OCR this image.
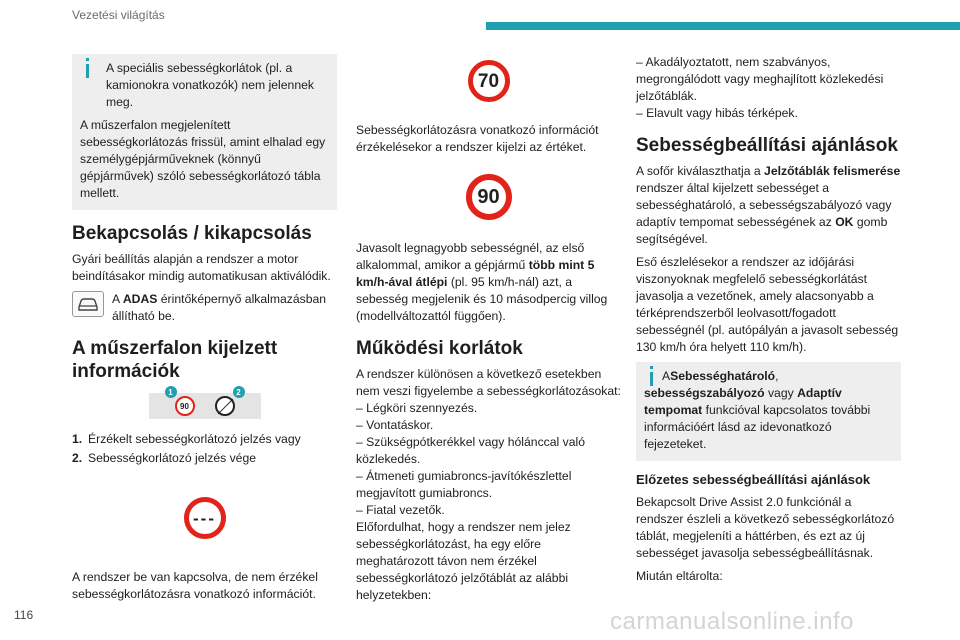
Vezetési világítás

A speciális sebességkorlátok (pl. a kamionokra vonatkozók) nem jelennek meg.

A műszerfalon megjelenített sebességkorlátozás frissül, amint elhalad egy személygépjárműveknek (könnyű gépjárművek) szóló sebességkorlátozó tábla mellett.

Bekapcsolás / kikapcsolás

Gyári beállítás alapján a rendszer a motor beindításakor mindig automatikusan aktiválódik.

A ADAS érintőképernyő alkalmazásban állítható be.
A műszerfalon kijelzett információk
90
1	2
1. Érzékelt sebességkorlátozó jelzés vagy
2. Sebességkorlátozó jelzés vége
---

A rendszer be van kapcsolva, de nem érzékel sebességkorlátozásra vonatkozó információt.

70

Sebességkorlátozásra vonatkozó információt érzékelésekor a rendszer kijelzi az értéket.

90

Javasolt legnagyobb sebességnél, az első alkalommal, amikor a gépjármű több mint 5 km/h-ával átlépi (pl. 95 km/h-nál) azt, a sebesség megjelenik és 10 másodpercig villog (modellváltozattól függően).

Működési korlátok

A rendszer különösen a következő esetekben nem veszi figyelembe a sebességkorlátozásokat:

– Légköri szennyezés.
– Vontatáskor.
– Szükségpótkerékkel vagy hólánccal való közlekedés.
– Átmeneti gumiabroncs-javítókészlettel megjavított gumiabroncs.
– Fiatal vezetők.

Előfordulhat, hogy a rendszer nem jelez sebességkorlátozást, ha egy előre meghatározott távon nem érzékel sebességkorlátozó jelzőtáblát az alábbi helyzetekben:

– Akadályoztatott, nem szabványos, megrongálódott vagy meghajlított közlekedési jelzőtáblák.
– Elavult vagy hibás térképek.
Sebességbeállítási ajánlások

A sofőr kiválaszthatja a Jelzőtáblák felismerése rendszer által kijelzett sebességet a sebességhatároló, a sebességszabályozó vagy adaptív tempomat sebességének az OK gomb segítségével.

Eső észlelésekor a rendszer az időjárási viszonyoknak megfelelő sebességkorlátást javasolja a vezetőnek, amely alacsonyabb a térképrendszerből leolvasott/fogadott sebességnél (pl. autópályán a javasolt sebesség 130 km/h óra helyett 110 km/h).

ASebességhatároló, sebességszabályozó vagy Adaptív tempomat funkcióval kapcsolatos további információért lásd az idevonatkozó fejezeteket.

Előzetes sebességbeállítási ajánlások

Bekapcsolt Drive Assist 2.0 funkciónál a rendszer észleli a következő sebességkorlátozó táblát, megjeleníti a háttérben, és ezt az új sebességet javasolja sebességbeállításnak.

Miután eltárolta:

116	carmanualsonline.info
